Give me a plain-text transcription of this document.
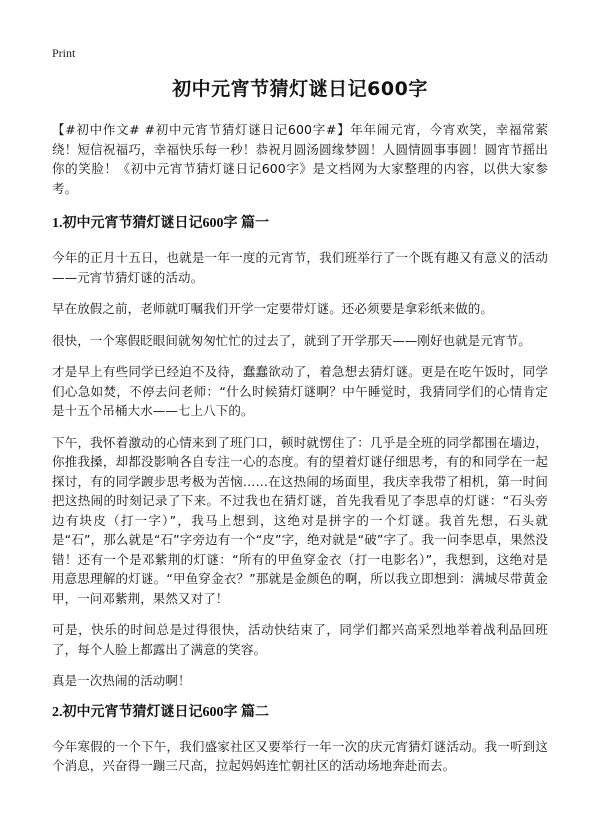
Print
初中元宵节猜灯谜日记600字

【#初中作文# #初中元宵节猜灯谜日记600字#】年年闹元宵，今宵欢笑，幸福常萦绕！短信祝福巧，幸福快乐每一秒！恭祝月圆汤圆缘梦圆！人圆情圆事事圆！圆宵节摇出你的笑脸！《初中元宵节猜灯谜日记600字》是文档网为大家整理的内容，以供大家参考。

1.初中元宵节猜灯谜日记600字 篇一

今年的正月十五日，也就是一年一度的元宵节，我们班举行了一个既有趣又有意义的活动——元宵节猜灯谜的活动。

早在放假之前，老师就叮嘱我们开学一定要带灯谜。还必须要是拿彩纸来做的。

很快，一个寒假眨眼间就匆匆忙忙的过去了，就到了开学那天——刚好也就是元宵节。

才是早上有些同学已经迫不及待，蠢蠢欲动了，着急想去猜灯谜。更是在吃午饭时，同学们心急如焚，不停去问老师：“什么时候猜灯谜啊？中午睡觉时，我猜同学们的心情肯定是十五个吊桶大水——七上八下的。

下午，我怀着激动的心情来到了班门口，顿时就愣住了：几乎是全班的同学都围在墙边，你推我搡，却都没影响各自专注一心的态度。有的望着灯谜仔细思考，有的和同学在一起探讨，有的同学踱步思考极为苦恼……在这热闹的场面里，我庆幸我带了相机，第一时间把这热闹的时刻记录了下来。不过我也在猜灯谜，首先我看见了李思卓的灯谜：“石头旁边有块皮（打一字）”，我马上想到，这绝对是拼字的一个灯谜。我首先想，石头就是“石”，那么就是“石”字旁边有一个“皮”字，绝对就是“破”字了。我一问李思卓，果然没错！还有一个是邓紫荆的灯谜：“所有的甲鱼穿金衣（打一电影名）”，我想到，这绝对是用意思理解的灯谜。“甲鱼穿金衣？”那就是金颜色的啊，所以我立即想到：满城尽带黄金甲，一问邓紫荆，果然又对了！

可是，快乐的时间总是过得很快，活动快结束了，同学们都兴高采烈地举着战利品回班了，每个人脸上都露出了满意的笑容。

真是一次热闹的活动啊！

2.初中元宵节猜灯谜日记600字 篇二

今年寒假的一个下午，我们盛家社区又要举行一年一次的庆元宵猜灯谜活动。我一听到这个消息，兴奋得一蹦三尺高，拉起妈妈连忙朝社区的活动场地奔赴而去。
